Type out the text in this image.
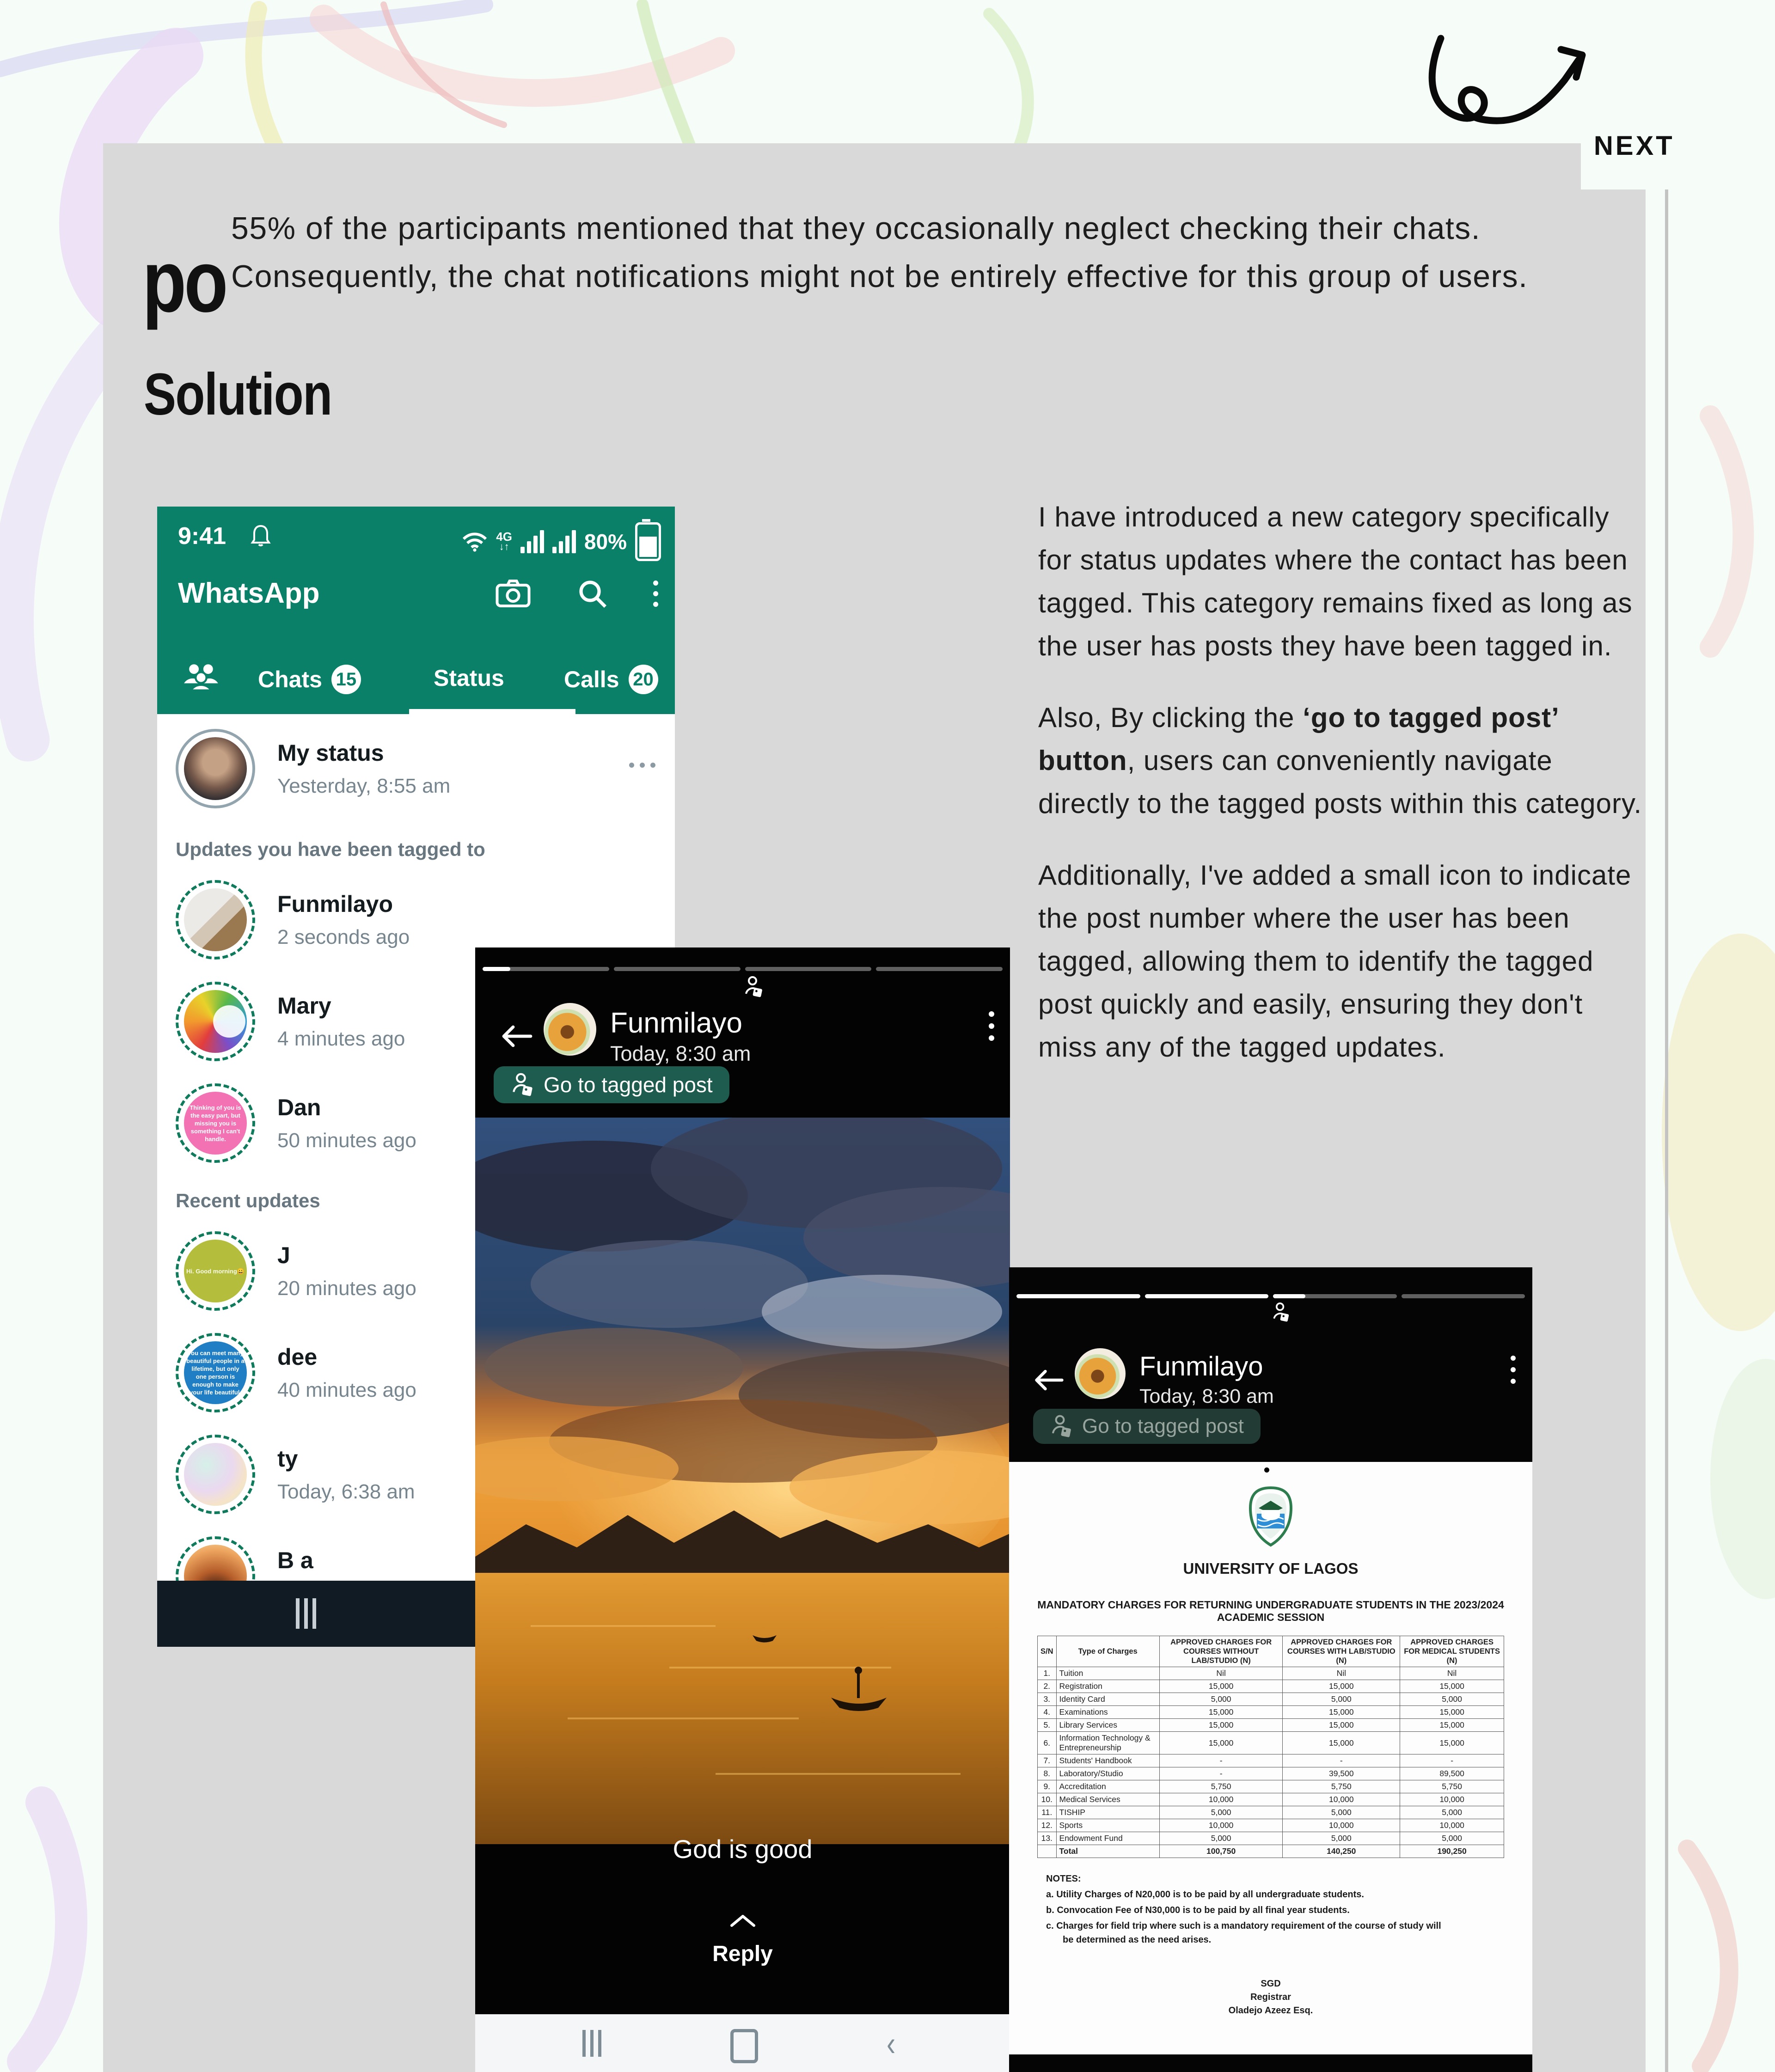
NEXT
po
55% of the participants mentioned that they occasionally neglect checking their chats. Consequently, the chat notifications might not be entirely effective for this group of users.
Solution

I have introduced a new category specifically for status updates where the contact has been tagged. This category remains fixed as long as the user has posts they have been tagged in.

Also, By clicking the ‘go to tagged post’ button, users can conveniently navigate directly to the tagged posts within this category.

Additionally, I've added a small icon to indicate the post number where the user has been tagged, allowing them to identify the tagged post quickly and easily, ensuring they don't miss any of the tagged updates.

9:41	4G
↓↑	80%
WhatsApp
Chats 15	Status	Calls 20
My status
Yesterday, 8:55 am
Updates you have been tagged to
Funmilayo
2 seconds ago
Mary
4 minutes ago
Thinking of you is the easy part, but missing you is something I can't handle.
Dan
50 minutes ago
Recent updates
Hi. Good morning😀
J
20 minutes ago
You can meet many beautiful people in a lifetime, but only one person is enough to make your life beautiful.
dee
40 minutes ago
ty
Today, 6:38 am
B a
Funmilayo
Today, 8:30 am
Go to tagged post
God is good
Reply
‹
Funmilayo
Today, 8:30 am
Go to tagged post
UNIVERSITY OF LAGOS
MANDATORY CHARGES FOR RETURNING UNDERGRADUATE STUDENTS IN THE 2023/2024 ACADEMIC SESSION
S/N	Type of Charges	APPROVED CHARGES FOR COURSES WITHOUT LAB/STUDIO (N)	APPROVED CHARGES FOR COURSES WITH LAB/STUDIO (N)	APPROVED CHARGES FOR MEDICAL STUDENTS (N)
1.	Tuition	Nil	Nil	Nil
2.	Registration	15,000	15,000	15,000
3.	Identity Card	5,000	5,000	5,000
4.	Examinations	15,000	15,000	15,000
5.	Library Services	15,000	15,000	15,000
6.	Information Technology & Entrepreneurship	15,000	15,000	15,000
7.	Students' Handbook	-	-	-
8.	Laboratory/Studio	-	39,500	89,500
9.	Accreditation	5,750	5,750	5,750
10.	Medical Services	10,000	10,000	10,000
11.	TISHIP	5,000	5,000	5,000
12.	Sports	10,000	10,000	10,000
13.	Endowment Fund	5,000	5,000	5,000
	Total	100,750	140,250	190,250
NOTES:
a. Utility Charges of N20,000 is to be paid by all undergraduate students.
b. Convocation Fee of N30,000 is to be paid by all final year students.
c. Charges for field trip where such is a mandatory requirement of the course of study will be determined as the need arises.
SGD
Registrar
Oladejo Azeez Esq.
